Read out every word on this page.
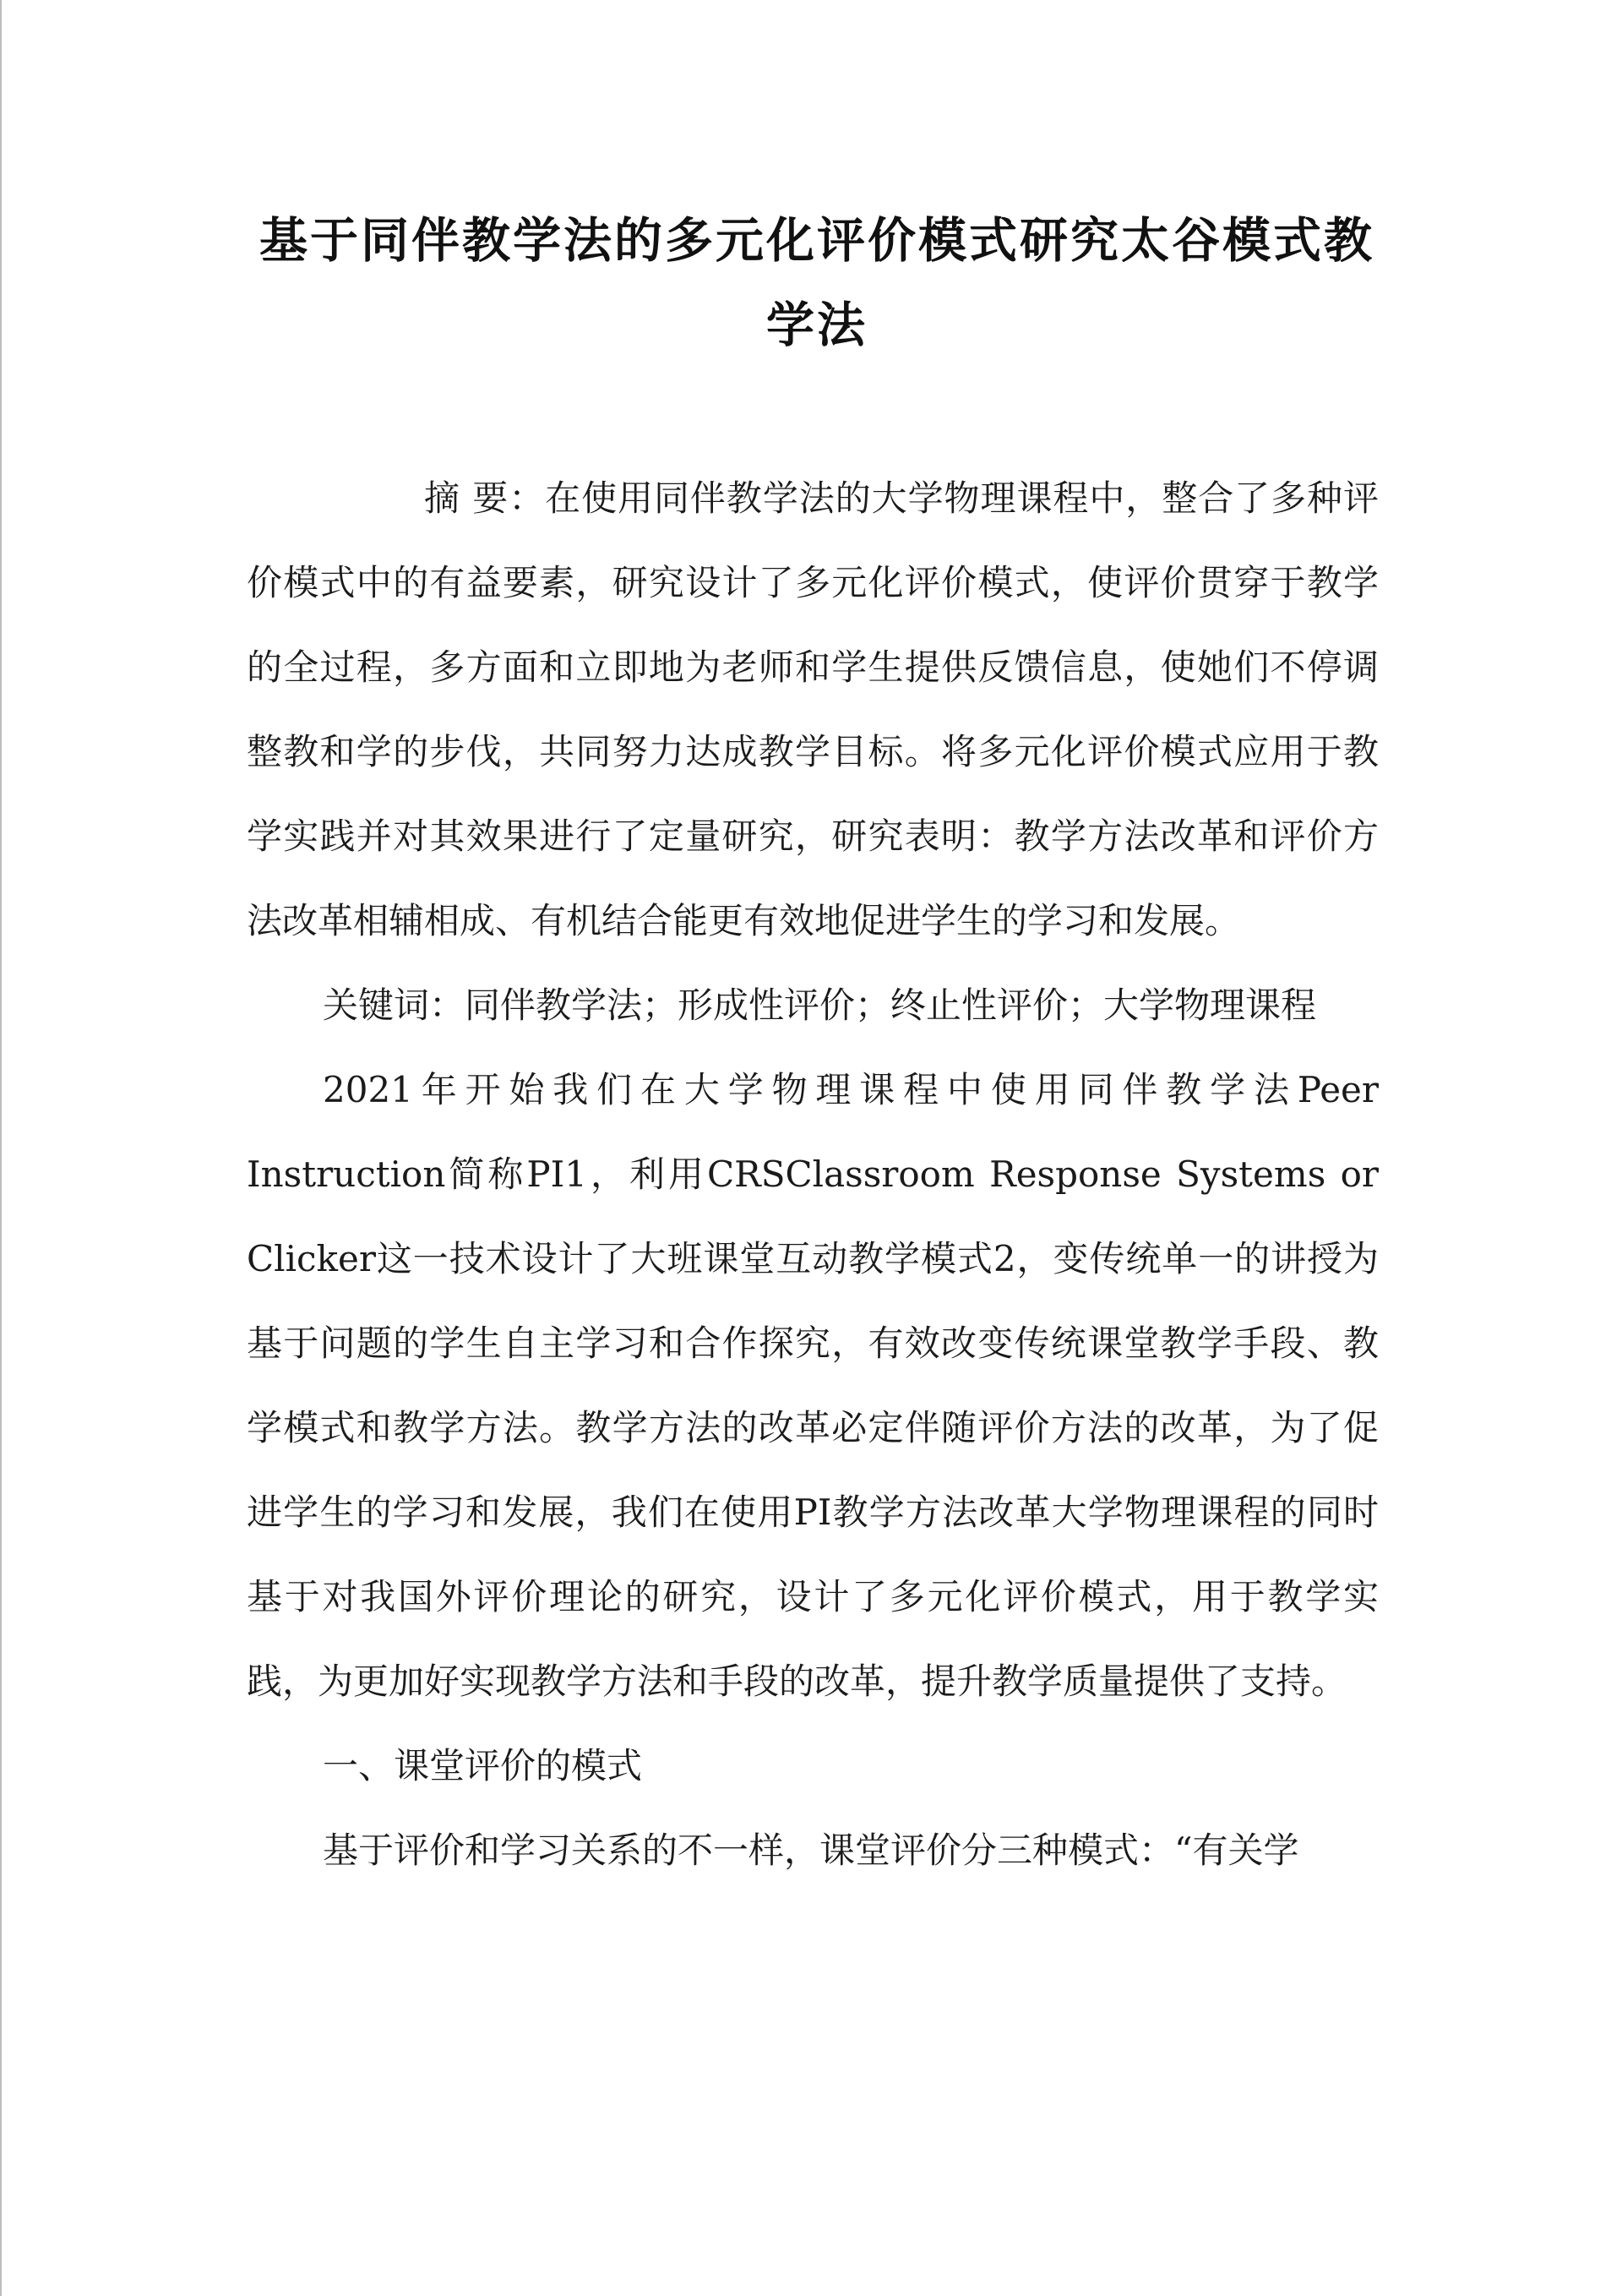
基于同伴教学法的多元化评价模式研究太谷模式教学法

摘 要：在使用同伴教学法的大学物理课程中，整合了多种评价模式中的有益要素，研究设计了多元化评价模式，使评价贯穿于教学的全过程，多方面和立即地为老师和学生提供反馈信息，使她们不停调整教和学的步伐，共同努力达成教学目标。将多元化评价模式应用于教学实践并对其效果进行了定量研究，研究表明：教学方法改革和评价方法改革相辅相成、有机结合能更有效地促进学生的学习和发展。

关键词：同伴教学法；形成性评价；终止性评价；大学物理课程

2021年开始我们在大学物理课程中使用同伴教学法Peer Instruction简称PI1，利用CRSClassroom Response Systems or Clicker这一技术设计了大班课堂互动教学模式2，变传统单一的讲授为基于问题的学生自主学习和合作探究，有效改变传统课堂教学手段、教学模式和教学方法。教学方法的改革必定伴随评价方法的改革，为了促进学生的学习和发展，我们在使用PI教学方法改革大学物理课程的同时基于对我国外评价理论的研究，设计了多元化评价模式，用于教学实践，为更加好实现教学方法和手段的改革，提升教学质量提供了支持。

一、课堂评价的模式

基于评价和学习关系的不一样，课堂评价分三种模式：“有关学
